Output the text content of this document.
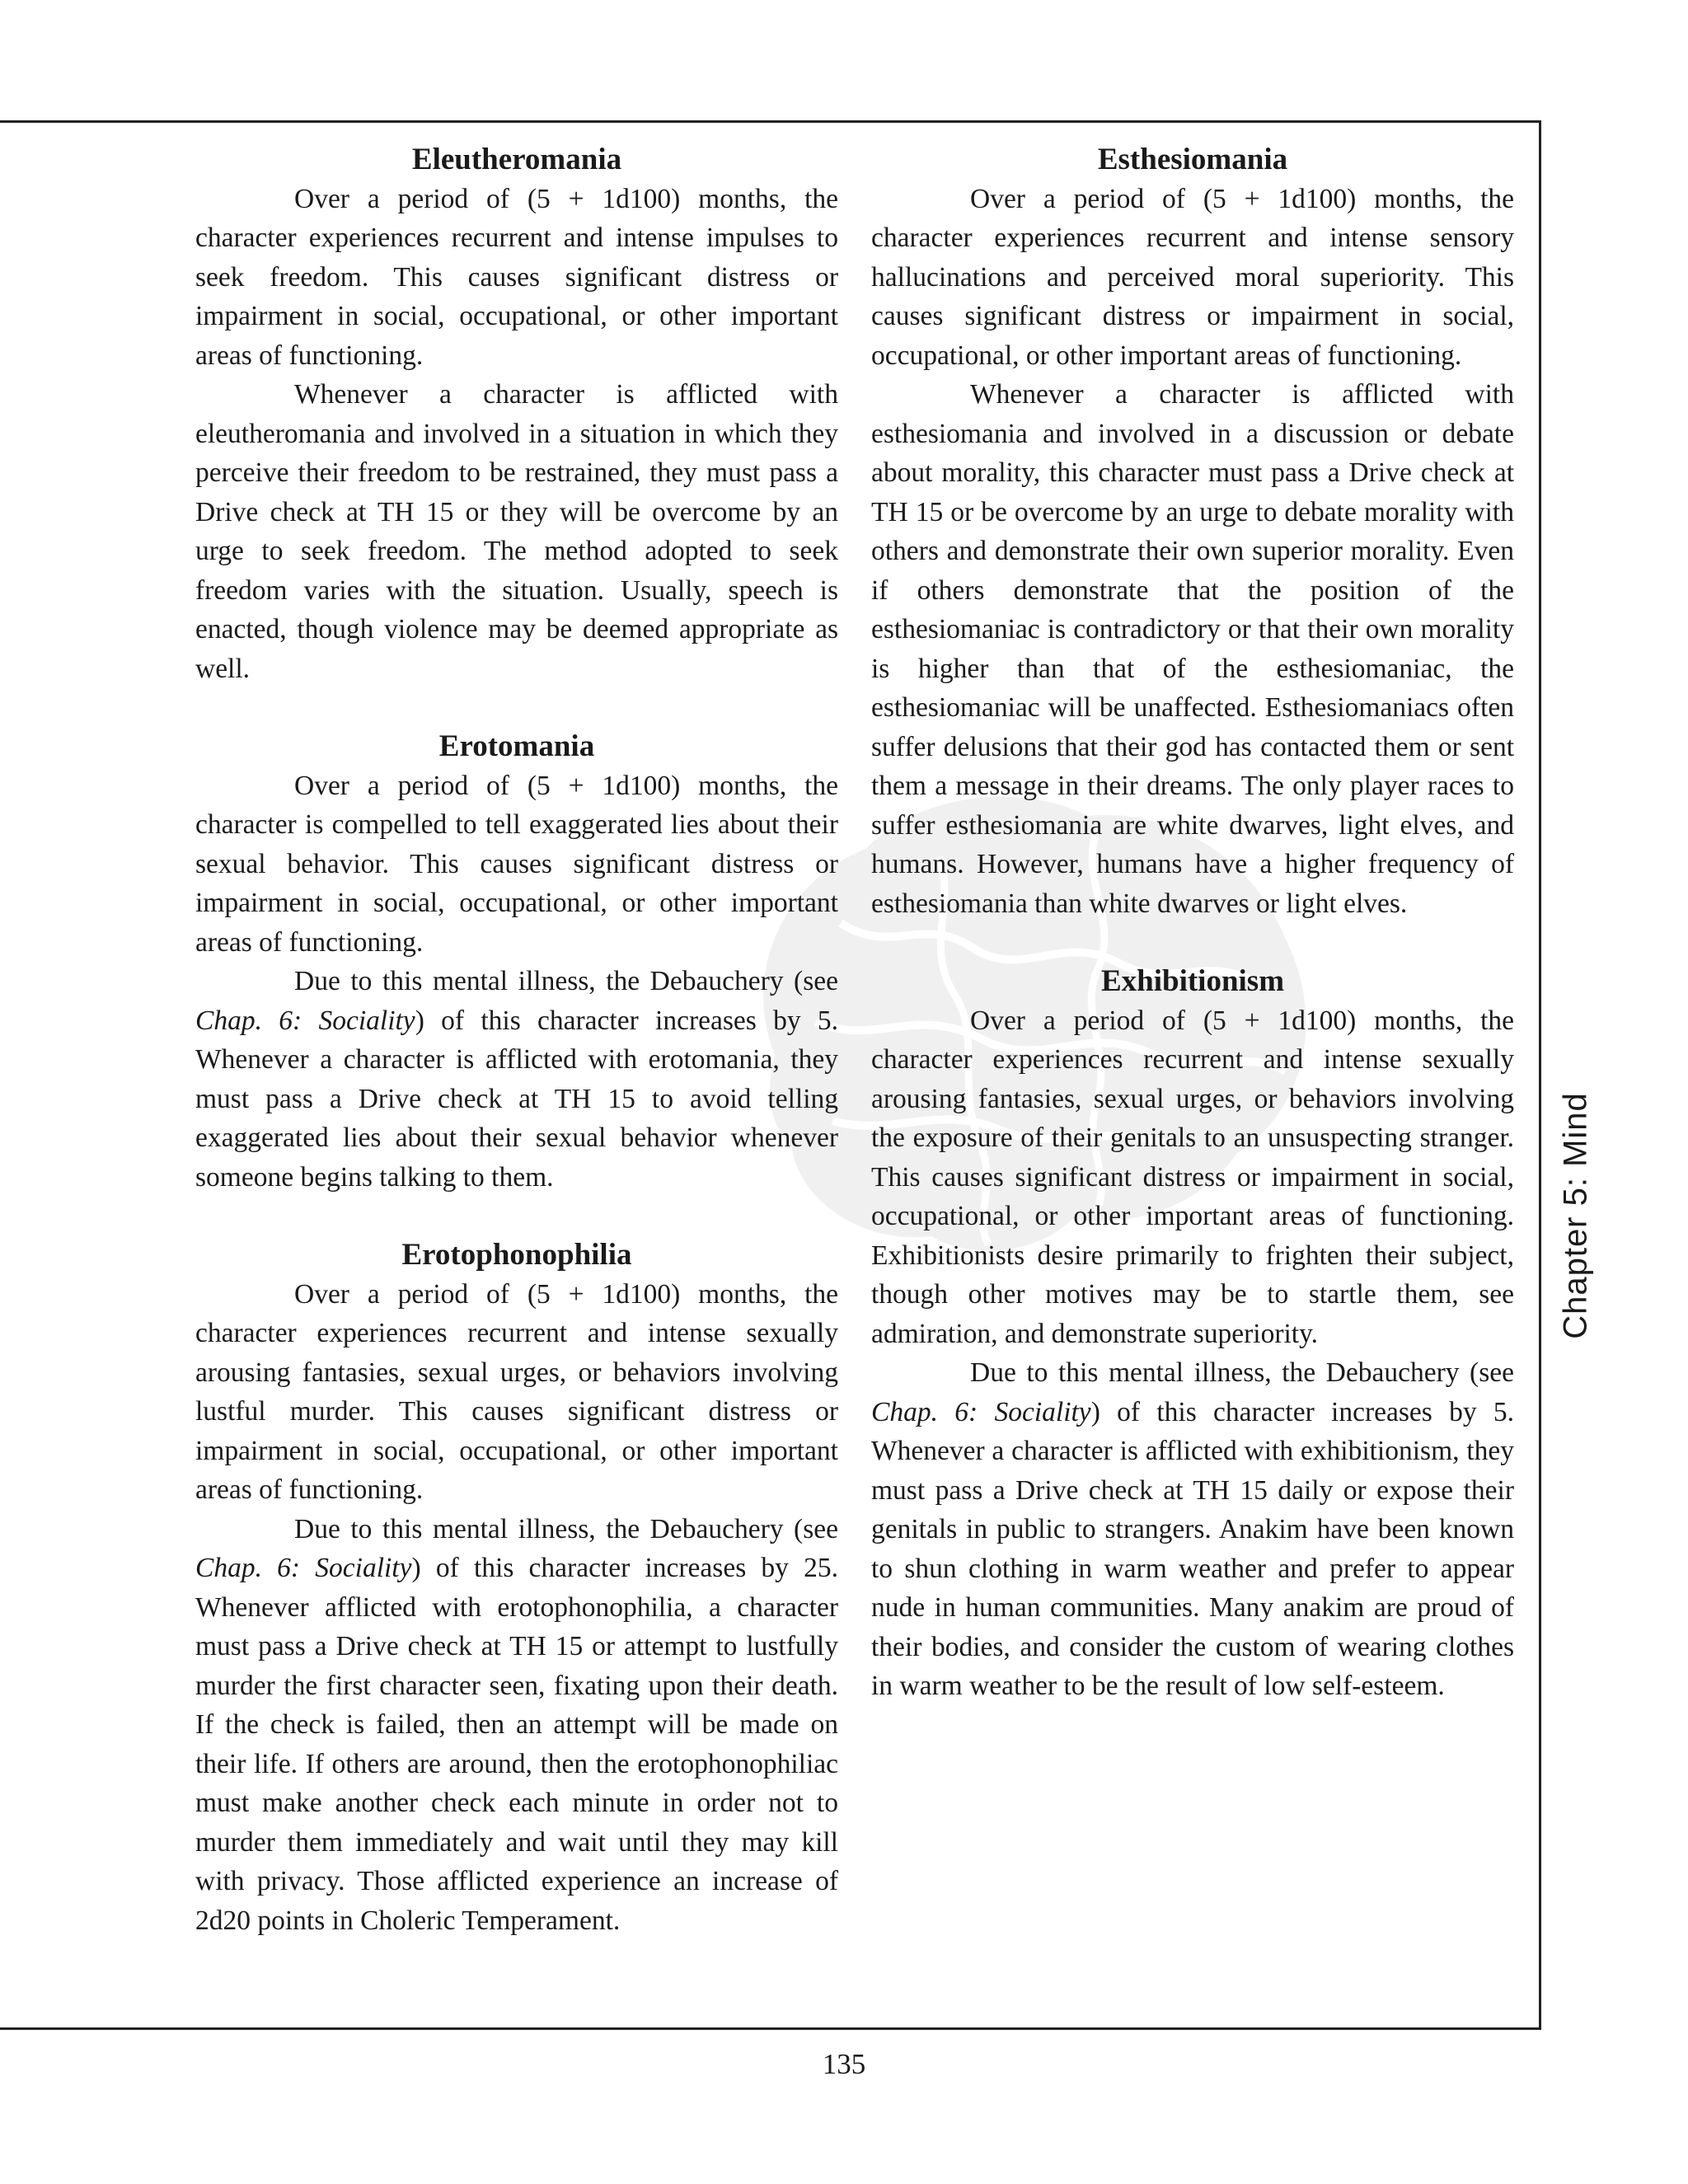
Eleutheromania

Over a period of (5 + 1d100) months, the character experiences recurrent and intense impulses to seek freedom. This causes significant distress or impairment in social, occupational, or other important areas of functioning.

Whenever a character is afflicted with eleutheromania and involved in a situation in which they perceive their freedom to be restrained, they must pass a Drive check at TH 15 or they will be overcome by an urge to seek freedom. The method adopted to seek freedom varies with the situation. Usually, speech is enacted, though violence may be deemed appropriate as well.

Erotomania

Over a period of (5 + 1d100) months, the character is compelled to tell exaggerated lies about their sexual behavior. This causes significant distress or impairment in social, occupational, or other important areas of functioning.

Due to this mental illness, the Debauchery (see Chap. 6: Sociality) of this character increases by 5. Whenever a character is afflicted with erotomania, they must pass a Drive check at TH 15 to avoid telling exaggerated lies about their sexual behavior whenever someone begins talking to them.

Erotophonophilia

Over a period of (5 + 1d100) months, the character experiences recurrent and intense sexually arousing fantasies, sexual urges, or behaviors involving lustful murder. This causes significant distress or impairment in social, occupational, or other important areas of functioning.

Due to this mental illness, the Debauchery (see Chap. 6: Sociality) of this character increases by 25. Whenever afflicted with erotophonophilia, a character must pass a Drive check at TH 15 or attempt to lustfully murder the first character seen, fixating upon their death. If the check is failed, then an attempt will be made on their life. If others are around, then the erotophonophiliac must make another check each minute in order not to murder them immediately and wait until they may kill with privacy. Those afflicted experience an increase of 2d20 points in Choleric Temperament.

Esthesiomania

Over a period of (5 + 1d100) months, the character experiences recurrent and intense sensory hallucinations and perceived moral superiority. This causes significant distress or impairment in social, occupational, or other important areas of functioning.

Whenever a character is afflicted with esthesiomania and involved in a discussion or debate about morality, this character must pass a Drive check at TH 15 or be overcome by an urge to debate morality with others and demonstrate their own superior morality. Even if others demonstrate that the position of the esthesiomaniac is contradictory or that their own morality is higher than that of the esthesiomaniac, the esthesiomaniac will be unaffected. Esthesiomaniacs often suffer delusions that their god has contacted them or sent them a message in their dreams. The only player races to suffer esthesiomania are white dwarves, light elves, and humans. However, humans have a higher frequency of esthesiomania than white dwarves or light elves.

Exhibitionism

Over a period of (5 + 1d100) months, the character experiences recurrent and intense sexually arousing fantasies, sexual urges, or behaviors involving the exposure of their genitals to an unsuspecting stranger. This causes significant distress or impairment in social, occupational, or other important areas of functioning. Exhibitionists desire primarily to frighten their subject, though other motives may be to startle them, see admiration, and demonstrate superiority.

Due to this mental illness, the Debauchery (see Chap. 6: Sociality) of this character increases by 5. Whenever a character is afflicted with exhibitionism, they must pass a Drive check at TH 15 daily or expose their genitals in public to strangers. Anakim have been known to shun clothing in warm weather and prefer to appear nude in human communities. Many anakim are proud of their bodies, and consider the custom of wearing clothes in warm weather to be the result of low self-esteem.

Chapter 5: Mind
135
